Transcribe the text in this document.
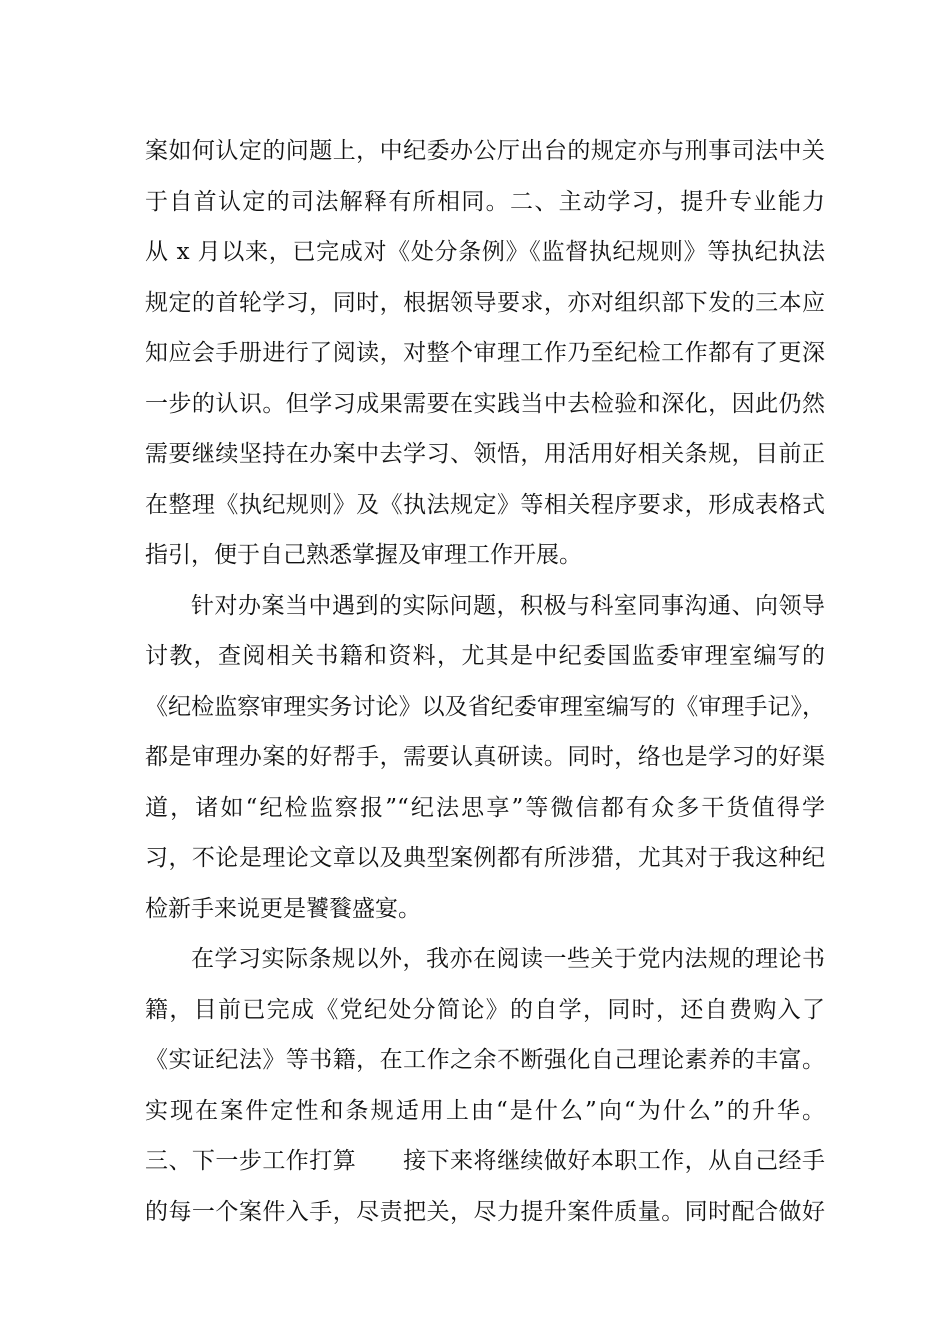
案如何认定的问题上，中纪委办公厅出台的规定亦与刑事司法中关
于自首认定的司法解释有所相同。二、主动学习，提升专业能力
从 x 月以来，已完成对《处分条例》《监督执纪规则》等执纪执法
规定的首轮学习，同时，根据领导要求，亦对组织部下发的三本应
知应会手册进行了阅读，对整个审理工作乃至纪检工作都有了更深
一步的认识。但学习成果需要在实践当中去检验和深化，因此仍然
需要继续坚持在办案中去学习、领悟，用活用好相关条规，目前正
在整理《执纪规则》及《执法规定》等相关程序要求，形成表格式
指引，便于自己熟悉掌握及审理工作开展。
针对办案当中遇到的实际问题，积极与科室同事沟通、向领导
讨教，查阅相关书籍和资料，尤其是中纪委国监委审理室编写的
《纪检监察审理实务讨论》以及省纪委审理室编写的《审理手记》，
都是审理办案的好帮手，需要认真研读。同时，络也是学习的好渠
道，诸如“纪检监察报”“纪法思享”等微信都有众多干货值得学
习，不论是理论文章以及典型案例都有所涉猎，尤其对于我这种纪
检新手来说更是饕餮盛宴。
在学习实际条规以外，我亦在阅读一些关于党内法规的理论书
籍，目前已完成《党纪处分简论》的自学，同时，还自费购入了
《实证纪法》等书籍，在工作之余不断强化自己理论素养的丰富。
实现在案件定性和条规适用上由“是什么”向“为什么”的升华。
三、下一步工作打算　　接下来将继续做好本职工作，从自己经手
的每一个案件入手，尽责把关，尽力提升案件质量。同时配合做好
